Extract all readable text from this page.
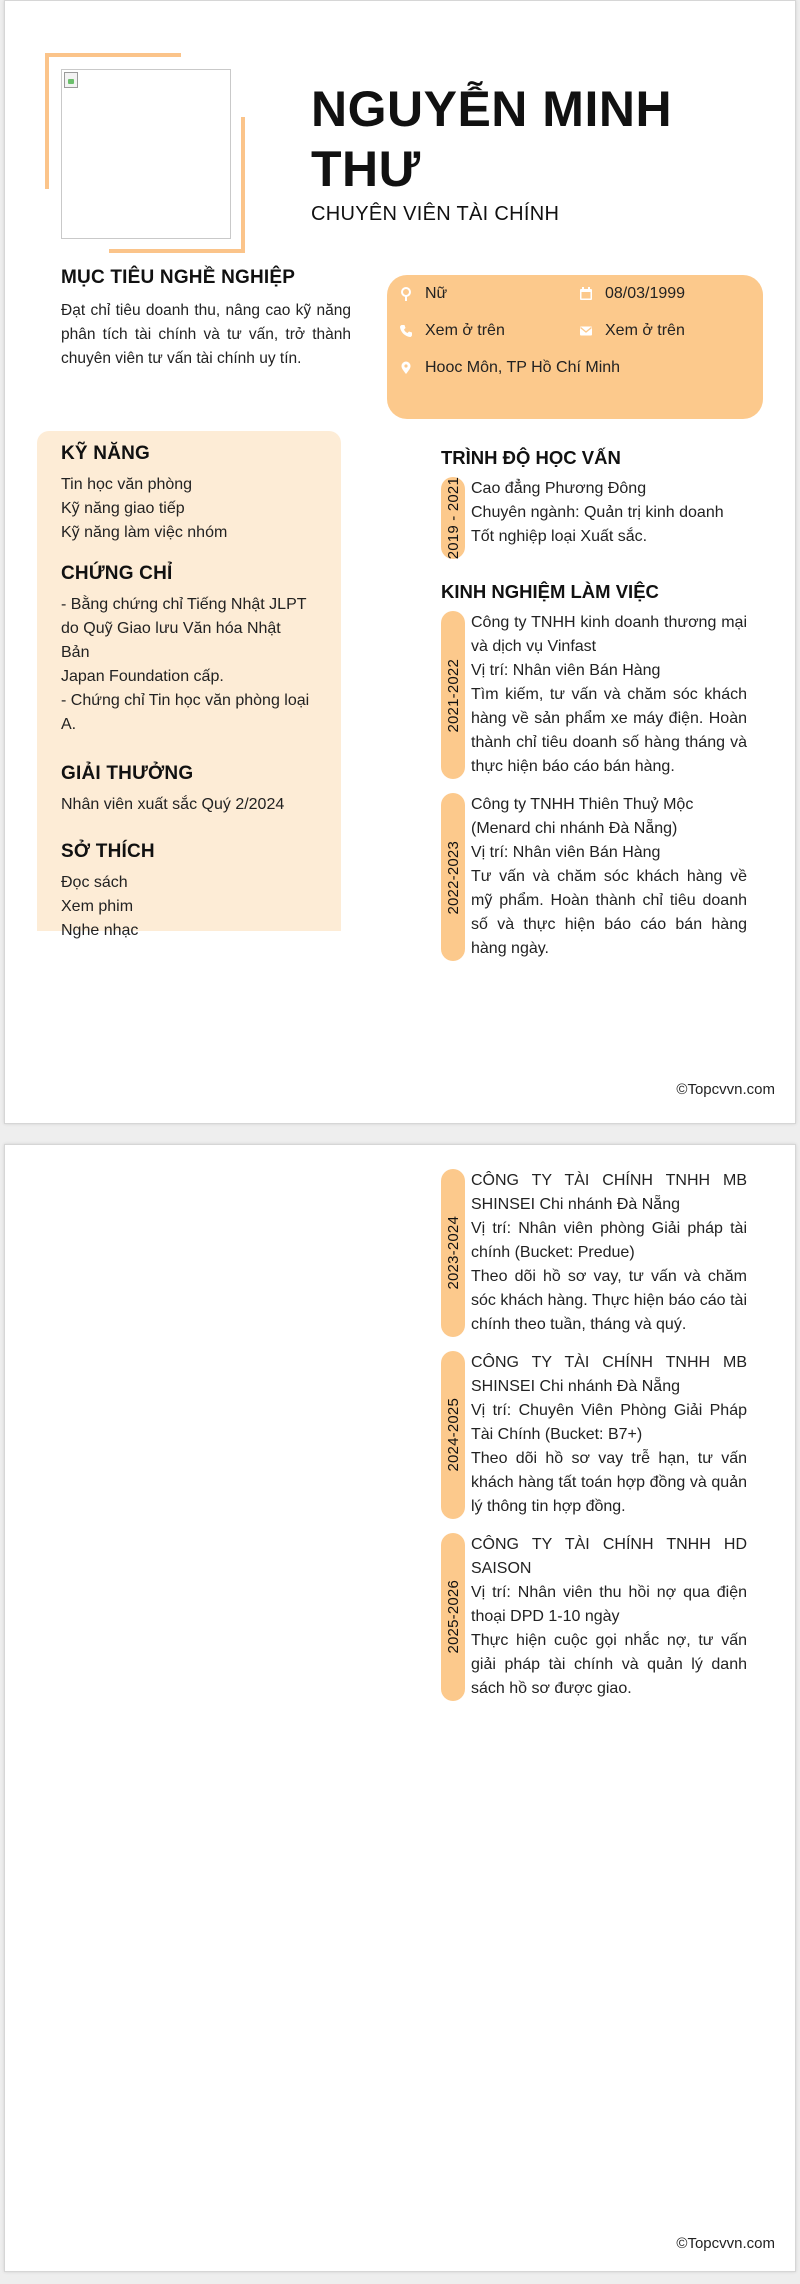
NGUYỄN MINH THƯ
CHUYÊN VIÊN TÀI CHÍNH
MỤC TIÊU NGHỀ NGHIỆP

Đạt chỉ tiêu doanh thu, nâng cao kỹ năng phân tích tài chính và tư vấn, trở thành chuyên viên tư vấn tài chính uy tín.

Nữ	08/03/1999
Xem ở trên	Xem ở trên
Hooc Môn, TP Hồ Chí Minh
KỸ NĂNG
Tin học văn phòng
Kỹ năng giao tiếp
Kỹ năng làm việc nhóm
CHỨNG CHỈ
- Bằng chứng chỉ Tiếng Nhật JLPT
do Quỹ Giao lưu Văn hóa Nhật
Bản
Japan Foundation cấp.
- Chứng chỉ Tin học văn phòng loại
A.
GIẢI THƯỞNG
Nhân viên xuất sắc Quý 2/2024
SỞ THÍCH
Đọc sách
Xem phim
Nghe nhạc
TRÌNH ĐỘ HỌC VẤN
2019 - 2021 Cao đẳng Phương Đông
Chuyên ngành: Quản trị kinh doanh
Tốt nghiệp loại Xuất sắc.
KINH NGHIỆM LÀM VIỆC
2021-2022
Công ty TNHH kinh doanh thương mại và dịch vụ Vinfast
Vị trí: Nhân viên Bán Hàng
Tìm kiếm, tư vấn và chăm sóc khách hàng về sản phẩm xe máy điện. Hoàn thành chỉ tiêu doanh số hàng tháng và thực hiện báo cáo bán hàng.
2022-2023
Công ty TNHH Thiên Thuỷ Mộc
(Menard chi nhánh Đà Nẵng)
Vị trí: Nhân viên Bán Hàng
Tư vấn và chăm sóc khách hàng về mỹ phẩm. Hoàn thành chỉ tiêu doanh số và thực hiện báo cáo bán hàng hàng ngày.
©Topcvvn.com
2023-2024
CÔNG TY TÀI CHÍNH TNHH MB SHINSEI Chi nhánh Đà Nẵng
Vị trí: Nhân viên phòng Giải pháp tài chính (Bucket: Predue)
Theo dõi hồ sơ vay, tư vấn và chăm sóc khách hàng. Thực hiện báo cáo tài chính theo tuần, tháng và quý.
2024-2025
CÔNG TY TÀI CHÍNH TNHH MB SHINSEI Chi nhánh Đà Nẵng
Vị trí: Chuyên Viên Phòng Giải Pháp Tài Chính (Bucket: B7+)
Theo dõi hồ sơ vay trễ hạn, tư vấn khách hàng tất toán hợp đồng và quản lý thông tin hợp đồng.
2025-2026
CÔNG TY TÀI CHÍNH TNHH HD SAISON
Vị trí: Nhân viên thu hồi nợ qua điện thoại DPD 1-10 ngày
Thực hiện cuộc gọi nhắc nợ, tư vấn giải pháp tài chính và quản lý danh sách hồ sơ được giao.
©Topcvvn.com
